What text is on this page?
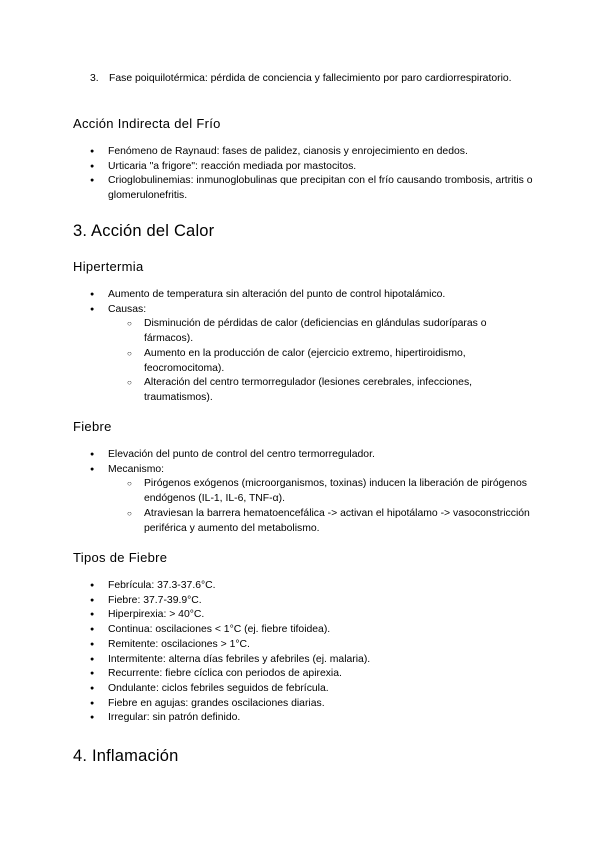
3. Fase poiquilotérmica: pérdida de conciencia y fallecimiento por paro cardiorrespiratorio.
Acción Indirecta del Frío
● Fenómeno de Raynaud: fases de palidez, cianosis y enrojecimiento en dedos.
● Urticaria "a frigore": reacción mediada por mastocitos.
● Crioglobulinemias: inmunoglobulinas que precipitan con el frío causando trombosis, artritis o glomerulonefritis.
3. Acción del Calor
Hipertermia
● Aumento de temperatura sin alteración del punto de control hipotalámico.
● Causas:
○ Disminución de pérdidas de calor (deficiencias en glándulas sudoríparas o fármacos).
○ Aumento en la producción de calor (ejercicio extremo, hipertiroidismo, feocromocitoma).
○ Alteración del centro termorregulador (lesiones cerebrales, infecciones, traumatismos).
Fiebre
● Elevación del punto de control del centro termorregulador.
● Mecanismo:
○ Pirógenos exógenos (microorganismos, toxinas) inducen la liberación de pirógenos endógenos (IL-1, IL-6, TNF-α).
○ Atraviesan la barrera hematoencefálica -> activan el hipotálamo -> vasoconstricción periférica y aumento del metabolismo.
Tipos de Fiebre
● Febrícula: 37.3-37.6°C.
● Fiebre: 37.7-39.9°C.
● Hiperpirexia: > 40°C.
● Continua: oscilaciones < 1°C (ej. fiebre tifoidea).
● Remitente: oscilaciones > 1°C.
● Intermitente: alterna días febriles y afebriles (ej. malaria).
● Recurrente: fiebre cíclica con periodos de apirexia.
● Ondulante: ciclos febriles seguidos de febrícula.
● Fiebre en agujas: grandes oscilaciones diarias.
● Irregular: sin patrón definido.
4. Inflamación
